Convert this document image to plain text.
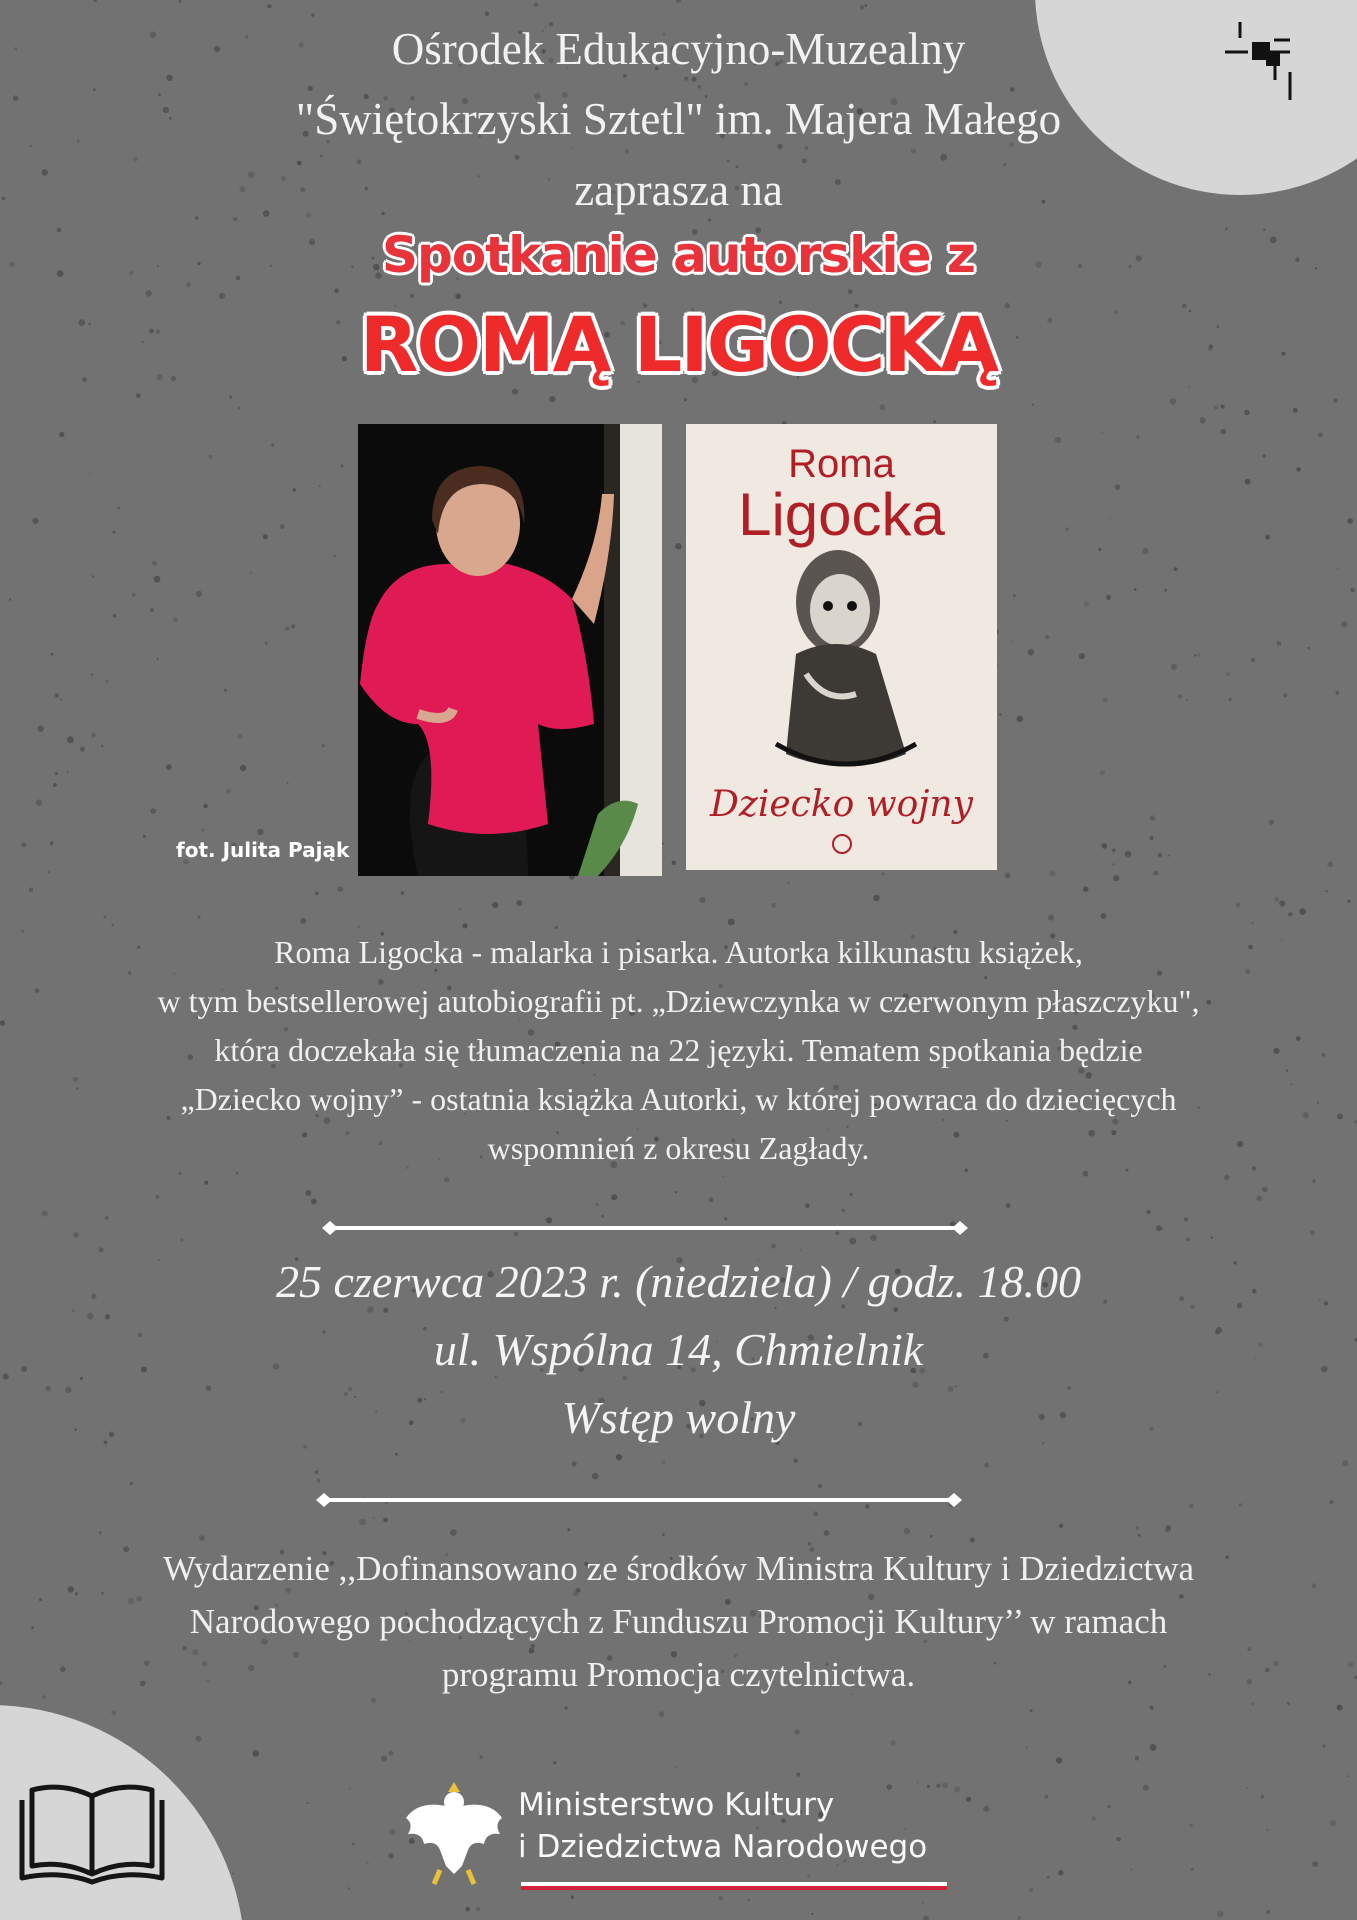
Ośrodek Edukacyjno-Muzealny
"Świętokrzyski Sztetl" im. Majera Małego
zaprasza na
Spotkanie autorskie z
ROMĄ LIGOCKĄ
fot. Julita Pająk
Roma
Ligocka
Dziecko wojny
Roma Ligocka - malarka i pisarka. Autorka kilkunastu książek,
w tym bestsellerowej autobiografii pt. „Dziewczynka w czerwonym płaszczyku",
która doczekała się tłumaczenia na 22 języki. Tematem spotkania będzie
„Dziecko wojny” - ostatnia książka Autorki, w której powraca do dziecięcych
wspomnień z okresu Zagłady.
25 czerwca 2023 r. (niedziela) / godz. 18.00
ul. Wspólna 14, Chmielnik
Wstęp wolny
Wydarzenie ,,Dofinansowano ze środków Ministra Kultury i Dziedzictwa
Narodowego pochodzących z Funduszu Promocji Kultury’’ w ramach
programu Promocja czytelnictwa.
Ministerstwo Kultury
i Dziedzictwa Narodowego
